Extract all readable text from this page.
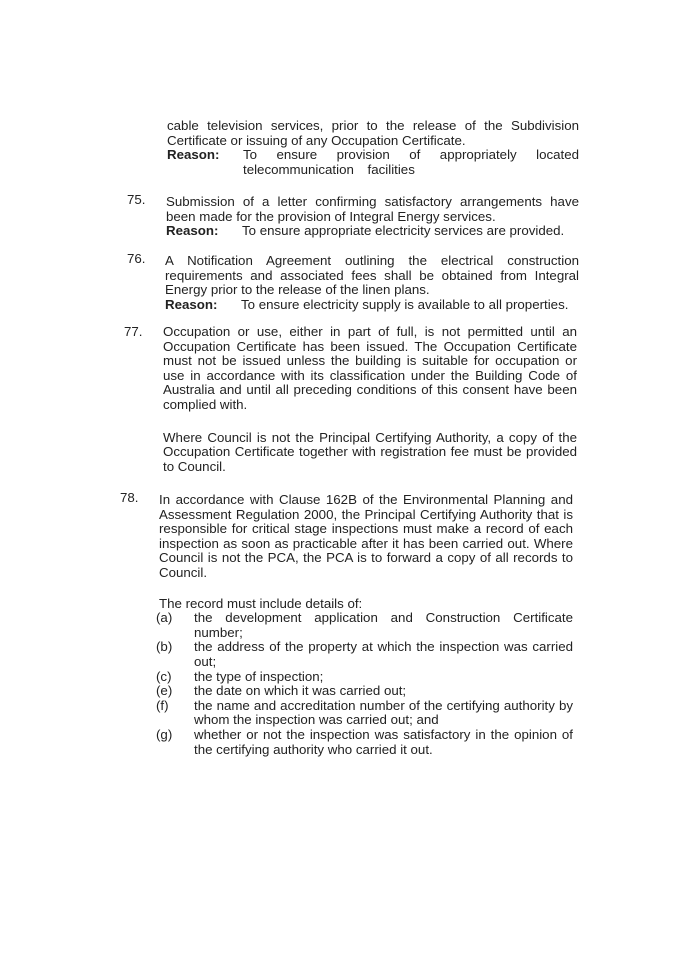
cable television services, prior to the release of the Subdivision Certificate or issuing of any Occupation Certificate.
Reason:	To ensure provision of appropriately located telecommunication facilities
75. Submission of a letter confirming satisfactory arrangements have been made for the provision of Integral Energy services.
Reason:	To ensure appropriate electricity services are provided.
76. A Notification Agreement outlining the electrical construction requirements and associated fees shall be obtained from Integral Energy prior to the release of the linen plans.
Reason:	To ensure electricity supply is available to all properties.
77. Occupation or use, either in part of full, is not permitted until an Occupation Certificate has been issued. The Occupation Certificate must not be issued unless the building is suitable for occupation or use in accordance with its classification under the Building Code of Australia and until all preceding conditions of this consent have been complied with.
Where Council is not the Principal Certifying Authority, a copy of the Occupation Certificate together with registration fee must be provided to Council.
78. In accordance with Clause 162B of the Environmental Planning and Assessment Regulation 2000, the Principal Certifying Authority that is responsible for critical stage inspections must make a record of each inspection as soon as practicable after it has been carried out. Where Council is not the PCA, the PCA is to forward a copy of all records to Council.
The record must include details of:
(a)	the development application and Construction Certificate number;
(b)	the address of the property at which the inspection was carried out;
(c)	the type of inspection;
(e)	the date on which it was carried out;
(f)	the name and accreditation number of the certifying authority by whom the inspection was carried out; and
(g)	whether or not the inspection was satisfactory in the opinion of the certifying authority who carried it out.
